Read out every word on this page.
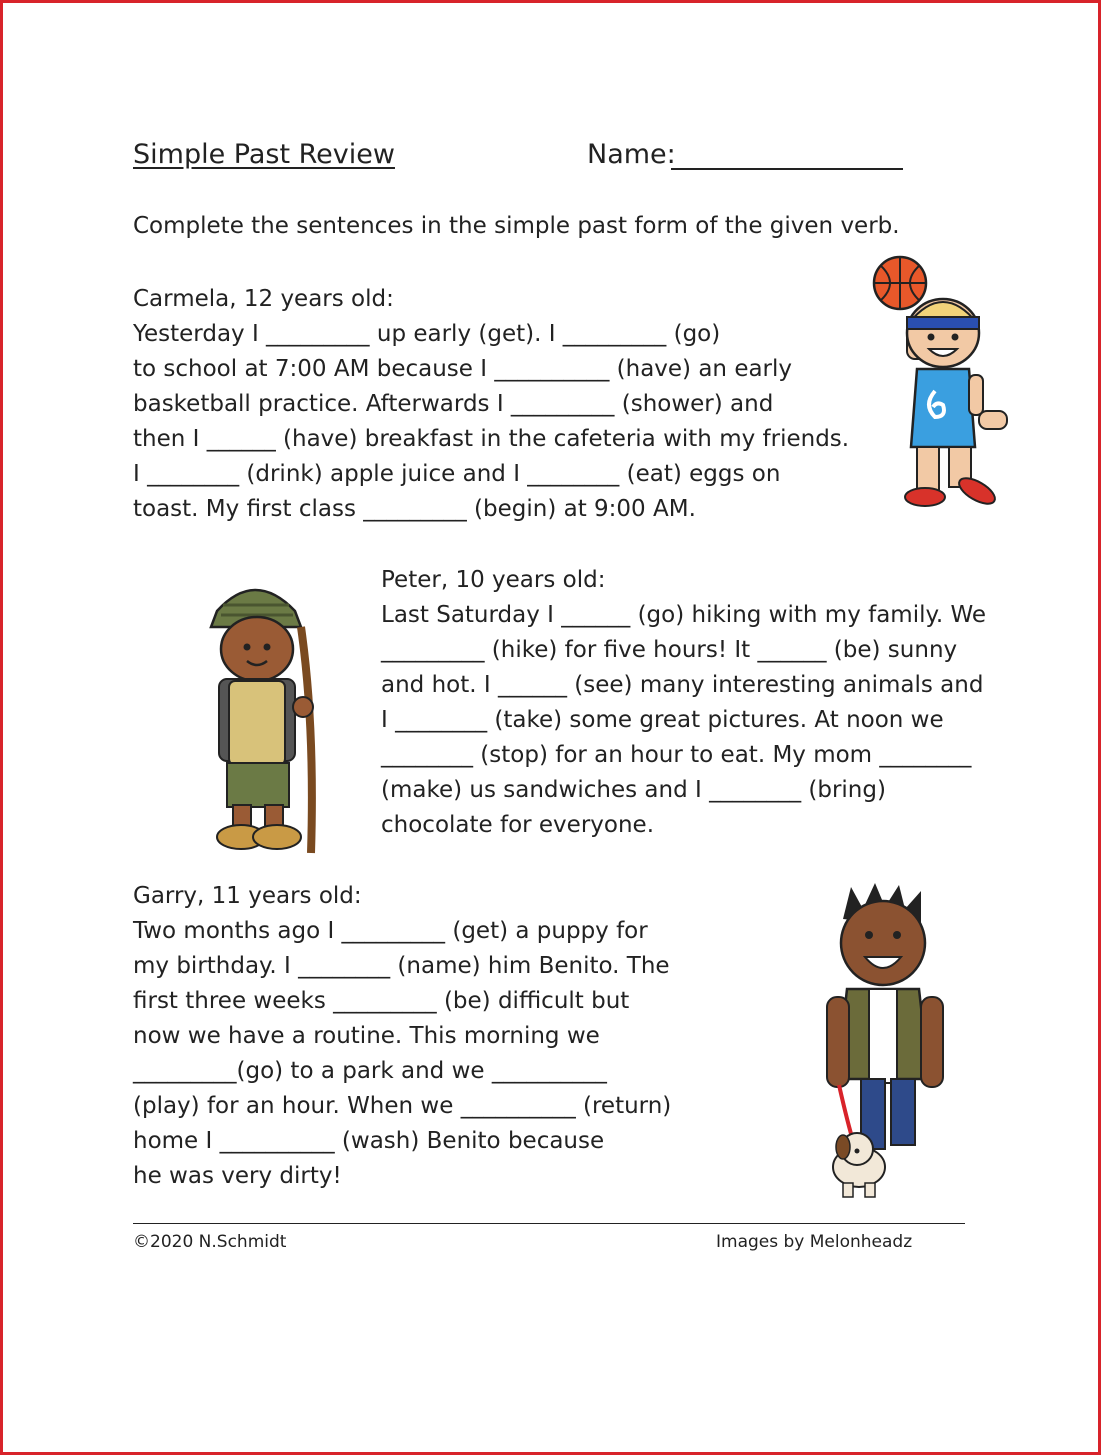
Simple Past Review	Name:
Complete the sentences in the simple past form of the given verb.
Carmela, 12 years old:
Yesterday I _________ up early (get). I _________ (go)
to school at 7:00 AM because I __________ (have) an early
basketball practice. Afterwards I _________ (shower) and
then I ______ (have) breakfast in the cafeteria with my friends.
I ________ (drink) apple juice and I ________ (eat) eggs on
toast. My first class _________ (begin) at 9:00 AM.
Peter, 10 years old:
Last Saturday I ______ (go) hiking with my family. We
_________ (hike) for five hours! It ______ (be) sunny
and hot. I ______ (see) many interesting animals and
I ________ (take) some great pictures. At noon we
________ (stop) for an hour to eat. My mom ________
(make) us sandwiches and I ________ (bring)
chocolate for everyone.
Garry, 11 years old:
Two months ago I _________ (get) a puppy for
my birthday. I ________ (name) him Benito. The
first three weeks _________ (be) difficult but
now we have a routine. This morning we
_________(go) to a park and we __________
(play) for an hour. When we __________ (return)
home I __________ (wash) Benito because
he was very dirty!
©2020 N.Schmidt	Images by Melonheadz
